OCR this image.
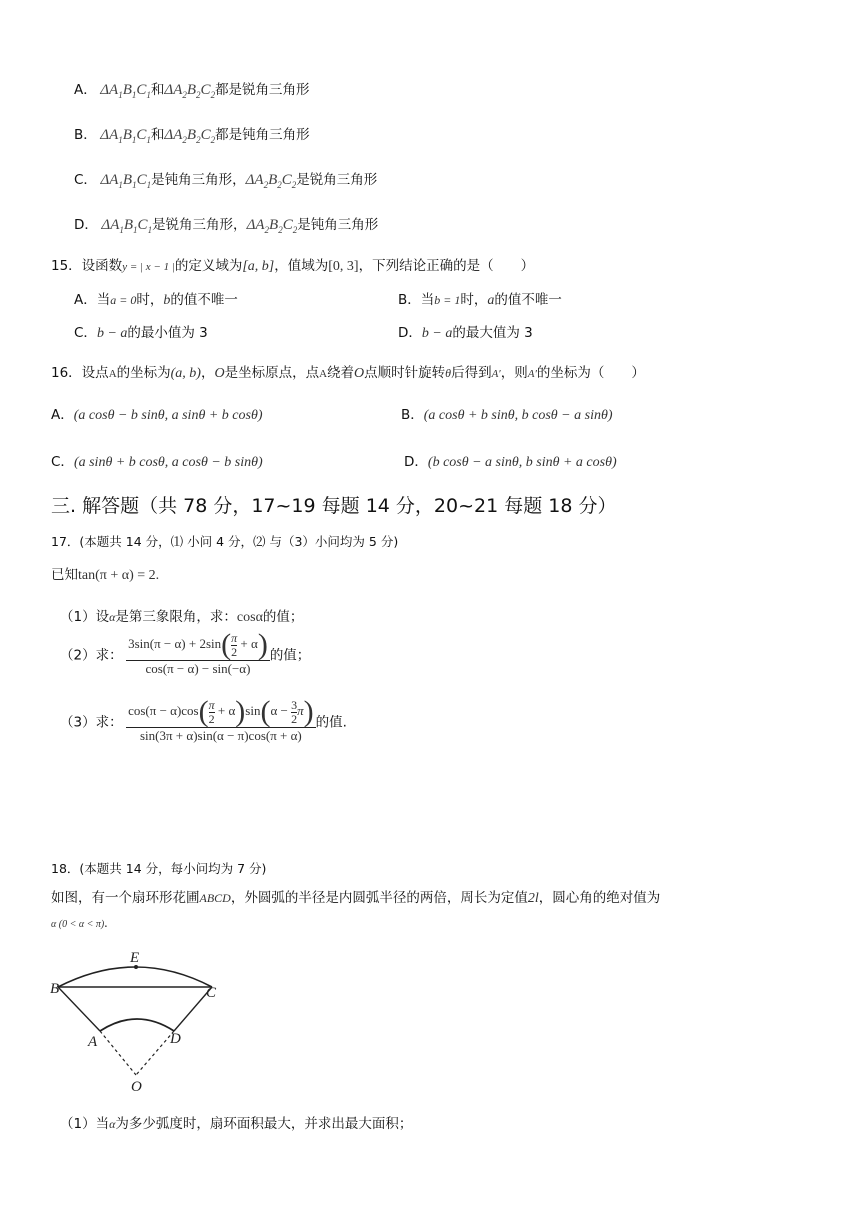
A． $\Delta A_1B_1C_1$和$\Delta A_2B_2C_2$都是锐角三角形
B． $\Delta A_1B_1C_1$和$\Delta A_2B_2C_2$都是钝角三角形
C． $\Delta A_1B_1C_1$是钝角三角形，$\Delta A_2B_2C_2$是锐角三角形
D． $\Delta A_1B_1C_1$是锐角三角形，$\Delta A_2B_2C_2$是钝角三角形
15．设函数y = | x − 1 |的定义域为[a, b]，值域为[0, 3]，下列结论正确的是（　　）
A．当a = 0时，b的值不唯一	B．当b = 1时，a的值不唯一
C．b − a的最小值为 3	D．b − a的最大值为 3
16．设点A的坐标为(a, b)，O是坐标原点，点A绕着O点顺时针旋转θ后得到A′，则A′的坐标为（　　）
A．(a cosθ − b sinθ, a sinθ + b cosθ)	B．(a cosθ + b sinθ, b cosθ − a sinθ)
C．(a sinθ + b cosθ, a cosθ − b sinθ)	D．(b cosθ − a sinθ, b sinθ + a cosθ)
三. 解答题（共 78 分，17~19 每题 14 分，20~21 每题 18 分）
17．(本题共 14 分，⑴ 小问 4 分，⑵ 与（3）小问均为 5 分)
已知tan(π + α) = 2.
（1）设α是第三象限角，求：cosα的值；
（2）求： $\frac{3\sin(\pi - \alpha) + 2\sin( \frac{\pi}{2} + \alpha)}{\cos(\pi - \alpha) - \sin(-\alpha)}$ 的值；
（3）求： $\frac{\cos(\pi - \alpha)\cos( \frac{\pi}{2} + \alpha)\sin(\alpha - \frac{3}{2} \pi)}{\sin(3\pi + \alpha)\sin(\alpha - \pi)\cos(\pi + \alpha)}$ 的值.
18．(本题共 14 分，每小问均为 7 分)
如图，有一个扇环形花圃ABCD，外圆弧的半径是内圆弧半径的两倍，周长为定值2l，圆心角的绝对值为
α (0 < α < π).
E
B	C
A	D
O
（1）当α为多少弧度时，扇环面积最大，并求出最大面积；
